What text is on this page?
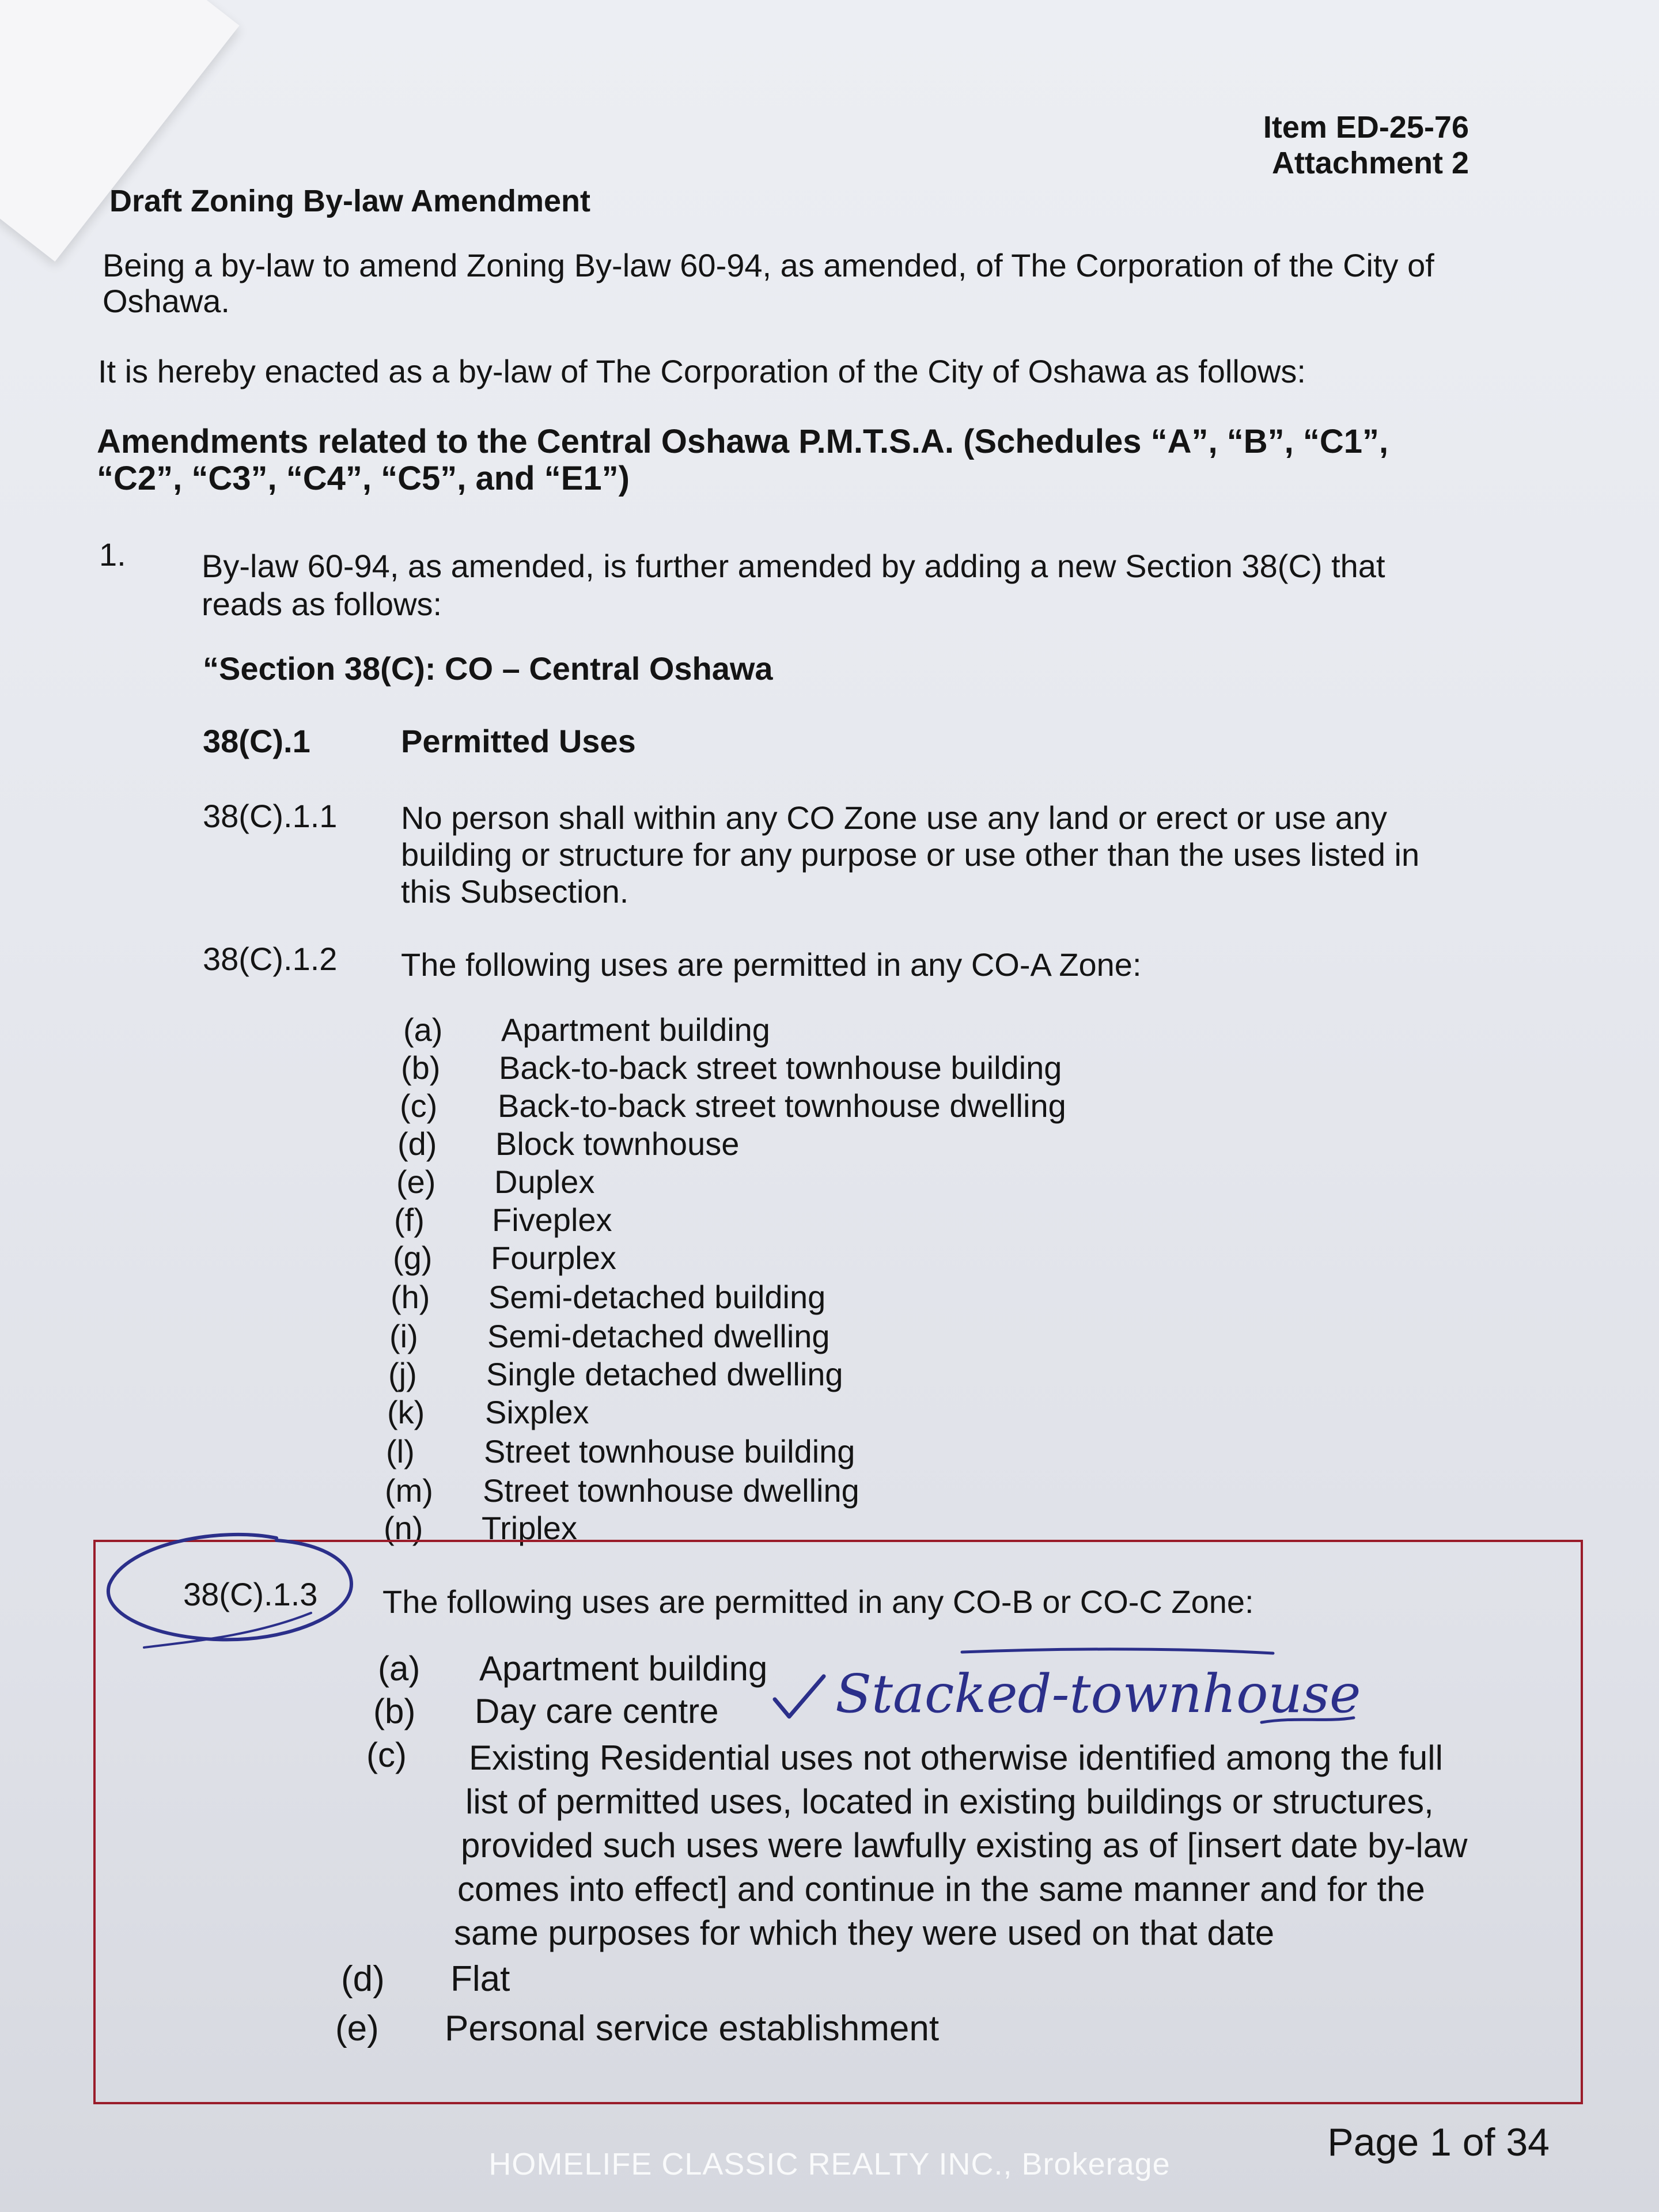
Item ED-25-76
Attachment 2
Draft Zoning By-law Amendment
Being a by-law to amend Zoning By-law 60-94, as amended, of The Corporation of the City of Oshawa.
It is hereby enacted as a by-law of The Corporation of the City of Oshawa as follows:
Amendments related to the Central Oshawa P.M.T.S.A. (Schedules “A”, “B”, “C1”, “C2”, “C3”, “C4”, “C5”, and “E1”)
1. By-law 60-94, as amended, is further amended by adding a new Section 38(C) that reads as follows:
“Section 38(C): CO – Central Oshawa
38(C).1	Permitted Uses
38(C).1.1 No person shall within any CO Zone use any land or erect or use any building or structure for any purpose or use other than the uses listed in this Subsection.
38(C).1.2 The following uses are permitted in any CO-A Zone:
(a) Apartment building
(b) Back-to-back street townhouse building
(c) Back-to-back street townhouse dwelling
(d) Block townhouse
(e) Duplex
(f) Fiveplex
(g) Fourplex
(h) Semi-detached building
(i) Semi-detached dwelling
(j) Single detached dwelling
(k) Sixplex
(l) Street townhouse building
(m) Street townhouse dwelling
(n) Triplex
38(C).1.3 The following uses are permitted in any CO-B or CO-C Zone:
(a) Apartment building
(b) Day care centre
(c)	Existing Residential uses not otherwise identified among the full
list of permitted uses, located in existing buildings or structures,
provided such uses were lawfully existing as of [insert date by-law
comes into effect] and continue in the same manner and for the
same purposes for which they were used on that date
(d) Flat
(e) Personal service establishment
Stacked-townhouse
Page 1 of 34
HOMELIFE CLASSIC REALTY INC., Brokerage
